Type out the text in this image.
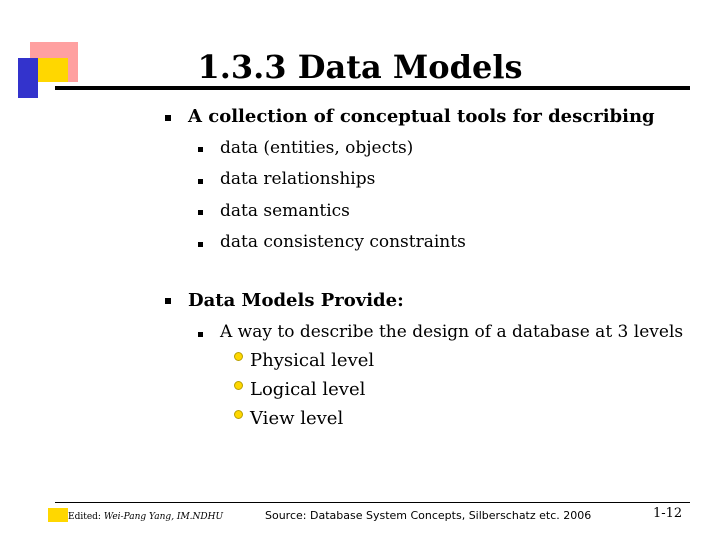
1.3.3 Data Models
A collection of conceptual tools for describing
data (entities, objects)
data relationships
data semantics
data consistency constraints
Data Models Provide:
A way to describe the design of a database at 3 levels
Physical level
Logical level
View level
Edited: Wei-Pang Yang, IM.NDHU	Source: Database System Concepts, Silberschatz etc. 2006	1-12
